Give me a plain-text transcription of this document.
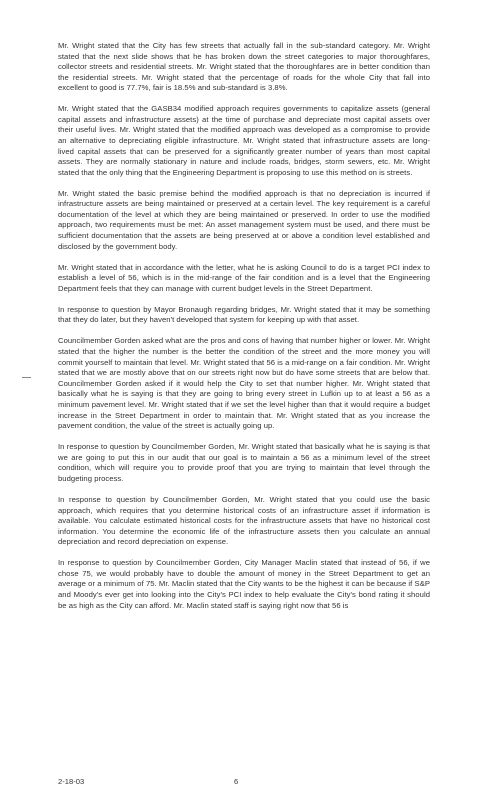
Mr. Wright stated that the City has few streets that actually fall in the sub-standard category. Mr. Wright stated that the next slide shows that he has broken down the street categories to major thoroughfares, collector streets and residential streets. Mr. Wright stated that the thoroughfares are in better condition than the residential streets. Mr. Wright stated that the percentage of roads for the whole City that fall into excellent to good is 77.7%, fair is 18.5% and sub-standard is 3.8%.

Mr. Wright stated that the GASB34 modified approach requires governments to capitalize assets (general capital assets and infrastructure assets) at the time of purchase and depreciate most capital assets over their useful lives. Mr. Wright stated that the modified approach was developed as a compromise to provide an alternative to depreciating eligible infrastructure. Mr. Wright stated that infrastructure assets are long-lived capital assets that can be preserved for a significantly greater number of years than most capital assets. They are normally stationary in nature and include roads, bridges, storm sewers, etc. Mr. Wright stated that the only thing that the Engineering Department is proposing to use this method on is streets.

Mr. Wright stated the basic premise behind the modified approach is that no depreciation is incurred if infrastructure assets are being maintained or preserved at a certain level. The key requirement is a careful documentation of the level at which they are being maintained or preserved. In order to use the modified approach, two requirements must be met: An asset management system must be used, and there must be sufficient documentation that the assets are being preserved at or above a condition level established and disclosed by the government body.

Mr. Wright stated that in accordance with the letter, what he is asking Council to do is a target PCI index to establish a level of 56, which is in the mid-range of the fair condition and is a level that the Engineering Department feels that they can manage with current budget levels in the Street Department.

In response to question by Mayor Bronaugh regarding bridges, Mr. Wright stated that it may be something that they do later, but they haven't developed that system for keeping up with that asset.

Councilmember Gorden asked what are the pros and cons of having that number higher or lower. Mr. Wright stated that the higher the number is the better the condition of the street and the more money you will commit yourself to maintain that level. Mr. Wright stated that 56 is a mid-range on a fair condition. Mr. Wright stated that we are mostly above that on our streets right now but do have some streets that are below that. Councilmember Gorden asked if it would help the City to set that number higher. Mr. Wright stated that basically what he is saying is that they are going to bring every street in Lufkin up to at least a 56 as a minimum pavement level. Mr. Wright stated that if we set the level higher than that it would require a budget increase in the Street Department in order to maintain that. Mr. Wright stated that as you increase the pavement condition, the value of the street is actually going up.

In response to question by Councilmember Gorden, Mr. Wright stated that basically what he is saying is that we are going to put this in our audit that our goal is to maintain a 56 as a minimum level of the street condition, which will require you to provide proof that you are trying to maintain that level through the budgeting process.

In response to question by Councilmember Gorden, Mr. Wright stated that you could use the basic approach, which requires that you determine historical costs of an infrastructure asset if information is available. You calculate estimated historical costs for the infrastructure assets that have no historical cost information. You determine the economic life of the infrastructure assets then you calculate an annual depreciation and record depreciation on expense.

In response to question by Councilmember Gorden, City Manager Maclin stated that instead of 56, if we chose 75, we would probably have to double the amount of money in the Street Department to get an average or a minimum of 75. Mr. Maclin stated that the City wants to be the highest it can be because if S&P and Moody's ever get into looking into the City's PCI index to help evaluate the City's bond rating it should be as high as the City can afford. Mr. Maclin stated staff is saying right now that 56 is

2-18-03	6
